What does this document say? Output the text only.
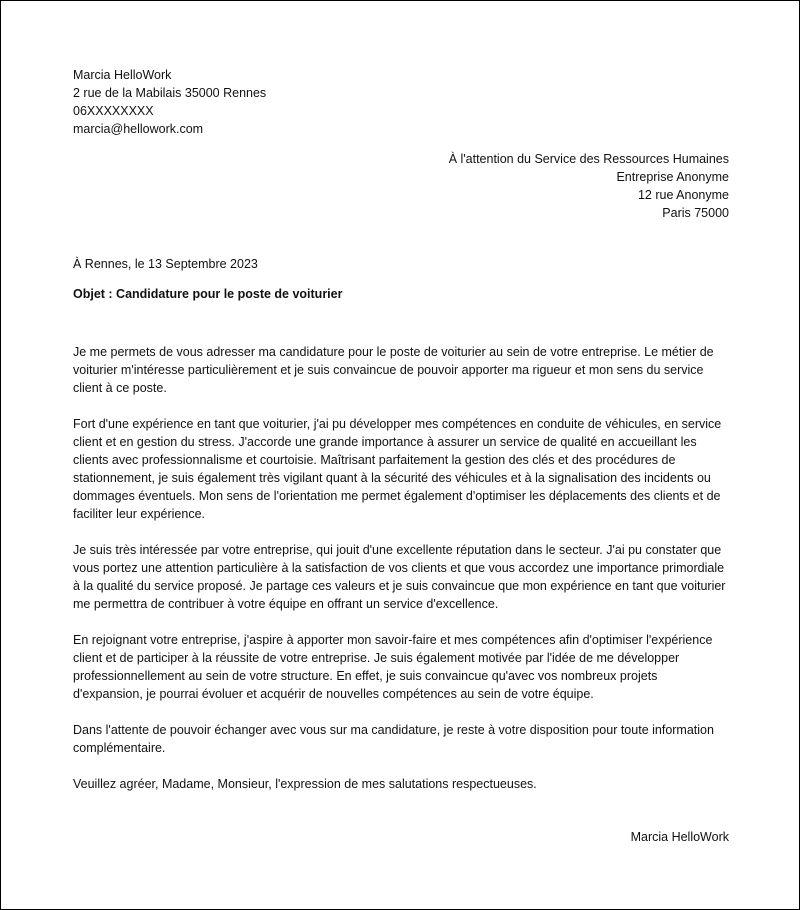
Marcia HelloWork
2 rue de la Mabilais 35000 Rennes
06XXXXXXXX
marcia@hellowork.com
À l'attention du Service des Ressources Humaines
Entreprise Anonyme
12 rue Anonyme
Paris 75000
À Rennes, le 13 Septembre 2023
Objet : Candidature pour le poste de voiturier

Je me permets de vous adresser ma candidature pour le poste de voiturier au sein de votre entreprise. Le métier de voiturier m'intéresse particulièrement et je suis convaincue de pouvoir apporter ma rigueur et mon sens du service client à ce poste.

Fort d'une expérience en tant que voiturier, j'ai pu développer mes compétences en conduite de véhicules, en service client et en gestion du stress. J'accorde une grande importance à assurer un service de qualité en accueillant les clients avec professionnalisme et courtoisie. Maîtrisant parfaitement la gestion des clés et des procédures de stationnement, je suis également très vigilant quant à la sécurité des véhicules et à la signalisation des incidents ou dommages éventuels. Mon sens de l'orientation me permet également d'optimiser les déplacements des clients et de faciliter leur expérience.

Je suis très intéressée par votre entreprise, qui jouit d'une excellente réputation dans le secteur. J'ai pu constater que vous portez une attention particulière à la satisfaction de vos clients et que vous accordez une importance primordiale à la qualité du service proposé. Je partage ces valeurs et je suis convaincue que mon expérience en tant que voiturier me permettra de contribuer à votre équipe en offrant un service d'excellence.

En rejoignant votre entreprise, j'aspire à apporter mon savoir-faire et mes compétences afin d'optimiser l'expérience client et de participer à la réussite de votre entreprise. Je suis également motivée par l'idée de me développer professionnellement au sein de votre structure. En effet, je suis convaincue qu'avec vos nombreux projets d'expansion, je pourrai évoluer et acquérir de nouvelles compétences au sein de votre équipe.

Dans l'attente de pouvoir échanger avec vous sur ma candidature, je reste à votre disposition pour toute information complémentaire.

Veuillez agréer, Madame, Monsieur, l'expression de mes salutations respectueuses.

Marcia HelloWork
